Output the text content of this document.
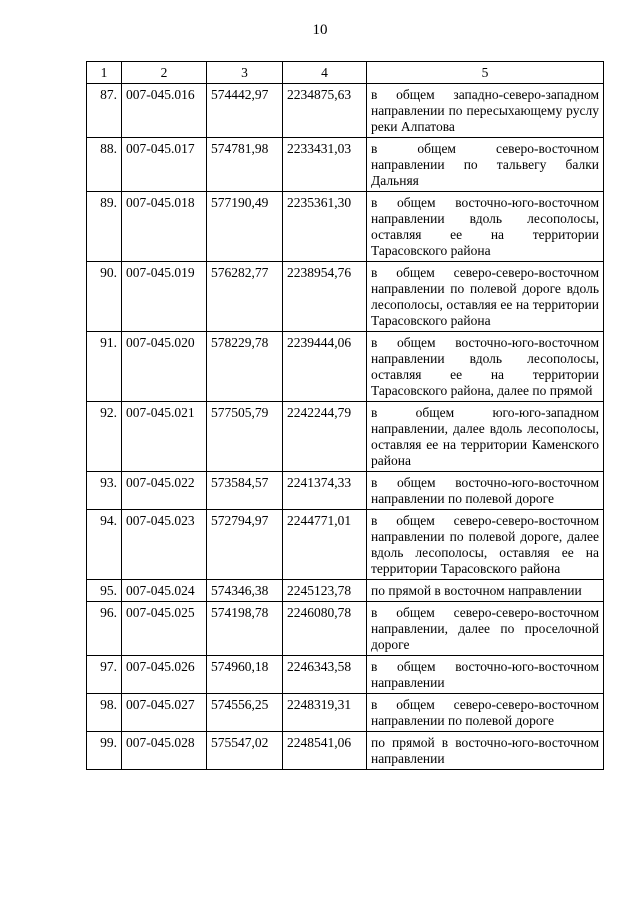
10
1	2	3	4	5
87.	007-045.016	574442,97	2234875,63	в общем западно-северо-западном направлении по пересыхающему руслу реки Алпатова
88.	007-045.017	574781,98	2233431,03	в общем северо-восточном направлении по тальвегу балки Дальняя
89.	007-045.018	577190,49	2235361,30	в общем восточно-юго-восточном направлении вдоль лесополосы, оставляя ее на территории Тарасовского района
90.	007-045.019	576282,77	2238954,76	в общем северо-северо-восточном направлении по полевой дороге вдоль лесополосы, оставляя ее на территории Тарасовского района
91.	007-045.020	578229,78	2239444,06	в общем восточно-юго-восточном направлении вдоль лесополосы, оставляя ее на территории Тарасовского района, далее по прямой
92.	007-045.021	577505,79	2242244,79	в общем юго-юго-западном направлении, далее вдоль лесополосы, оставляя ее на территории Каменского района
93.	007-045.022	573584,57	2241374,33	в общем восточно-юго-восточном направлении по полевой дороге
94.	007-045.023	572794,97	2244771,01	в общем северо-северо-восточном направлении по полевой дороге, далее вдоль лесополосы, оставляя ее на территории Тарасовского района
95.	007-045.024	574346,38	2245123,78	по прямой в восточном направлении
96.	007-045.025	574198,78	2246080,78	в общем северо-северо-восточном направлении, далее по проселочной дороге
97.	007-045.026	574960,18	2246343,58	в общем восточно-юго-восточном направлении
98.	007-045.027	574556,25	2248319,31	в общем северо-северо-восточном направлении по полевой дороге
99.	007-045.028	575547,02	2248541,06	по прямой в восточно-юго-восточном направлении
